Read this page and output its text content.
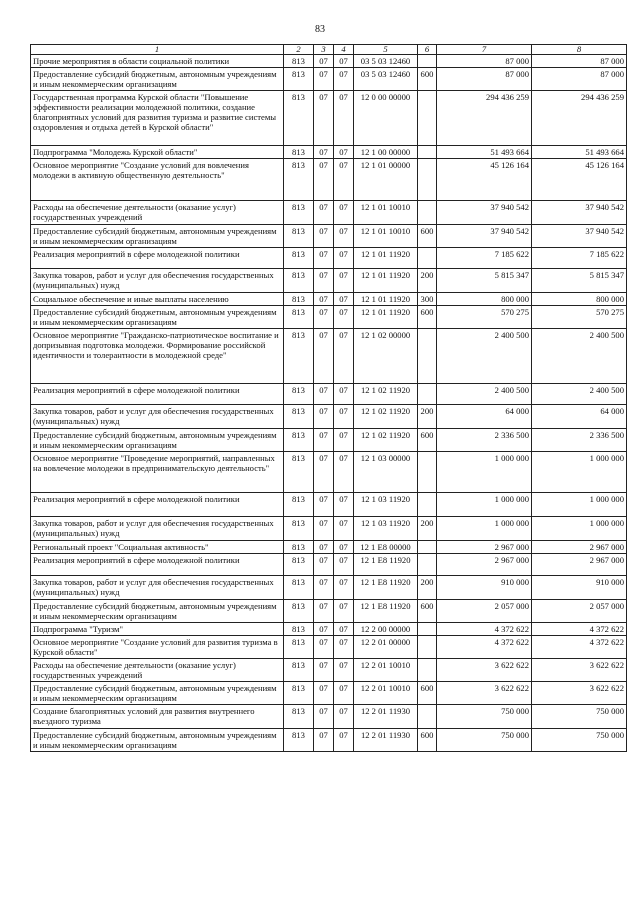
83
1	2	3	4	5	6	7	8
Прочие мероприятия в области социальной политики	813	07	07	03 5 03 12460		87 000	87 000
Предоставление субсидий бюджетным, автономным учреждениям и иным некоммерческим организациям	813	07	07	03 5 03 12460	600	87 000	87 000
Государственная программа Курской области "Повышение эффективности реализации молодежной политики, создание благоприятных условий для развития туризма и развитие системы оздоровления и отдыха детей в Курской области"	813	07	07	12 0 00 00000		294 436 259	294 436 259
Подпрограмма "Молодежь Курской области"	813	07	07	12 1 00 00000		51 493 664	51 493 664
Основное мероприятие "Создание условий для вовлечения молодежи в активную общественную деятельность"	813	07	07	12 1 01 00000		45 126 164	45 126 164
Расходы на обеспечение деятельности (оказание услуг) государственных учреждений	813	07	07	12 1 01 10010		37 940 542	37 940 542
Предоставление субсидий бюджетным, автономным учреждениям и иным некоммерческим организациям	813	07	07	12 1 01 10010	600	37 940 542	37 940 542
Реализация мероприятий в сфере молодежной политики	813	07	07	12 1 01 11920		7 185 622	7 185 622
Закупка товаров, работ и услуг для обеспечения государственных (муниципальных) нужд	813	07	07	12 1 01 11920	200	5 815 347	5 815 347
Социальное обеспечение и иные выплаты населению	813	07	07	12 1 01 11920	300	800 000	800 000
Предоставление субсидий бюджетным, автономным учреждениям и иным некоммерческим организациям	813	07	07	12 1 01 11920	600	570 275	570 275
Основное мероприятие "Гражданско-патриотическое воспитание и допризывная подготовка молодежи. Формирование российской идентичности и толерантности в молодежной среде"	813	07	07	12 1 02 00000		2 400 500	2 400 500
Реализация мероприятий в сфере молодежной политики	813	07	07	12 1 02 11920		2 400 500	2 400 500
Закупка товаров, работ и услуг для обеспечения государственных (муниципальных) нужд	813	07	07	12 1 02 11920	200	64 000	64 000
Предоставление субсидий бюджетным, автономным учреждениям и иным некоммерческим организациям	813	07	07	12 1 02 11920	600	2 336 500	2 336 500
Основное мероприятие "Проведение мероприятий, направленных на вовлечение молодежи в предпринимательскую деятельность"	813	07	07	12 1 03 00000		1 000 000	1 000 000
Реализация мероприятий в сфере молодежной политики	813	07	07	12 1 03 11920		1 000 000	1 000 000
Закупка товаров, работ и услуг для обеспечения государственных (муниципальных) нужд	813	07	07	12 1 03 11920	200	1 000 000	1 000 000
Региональный проект "Социальная активность"	813	07	07	12 1 E8 00000		2 967 000	2 967 000
Реализация мероприятий в сфере молодежной политики	813	07	07	12 1 E8 11920		2 967 000	2 967 000
Закупка товаров, работ и услуг для обеспечения государственных (муниципальных) нужд	813	07	07	12 1 E8 11920	200	910 000	910 000
Предоставление субсидий бюджетным, автономным учреждениям и иным некоммерческим организациям	813	07	07	12 1 E8 11920	600	2 057 000	2 057 000
Подпрограмма "Туризм"	813	07	07	12 2 00 00000		4 372 622	4 372 622
Основное мероприятие "Создание условий для развития туризма в Курской области"	813	07	07	12 2 01 00000		4 372 622	4 372 622
Расходы на обеспечение деятельности (оказание услуг) государственных учреждений	813	07	07	12 2 01 10010		3 622 622	3 622 622
Предоставление субсидий бюджетным, автономным учреждениям и иным некоммерческим организациям	813	07	07	12 2 01 10010	600	3 622 622	3 622 622
Создание благоприятных условий для развития внутреннего въездного туризма	813	07	07	12 2 01 11930		750 000	750 000
Предоставление субсидий бюджетным, автономным учреждениям и иным некоммерческим организациям	813	07	07	12 2 01 11930	600	750 000	750 000
